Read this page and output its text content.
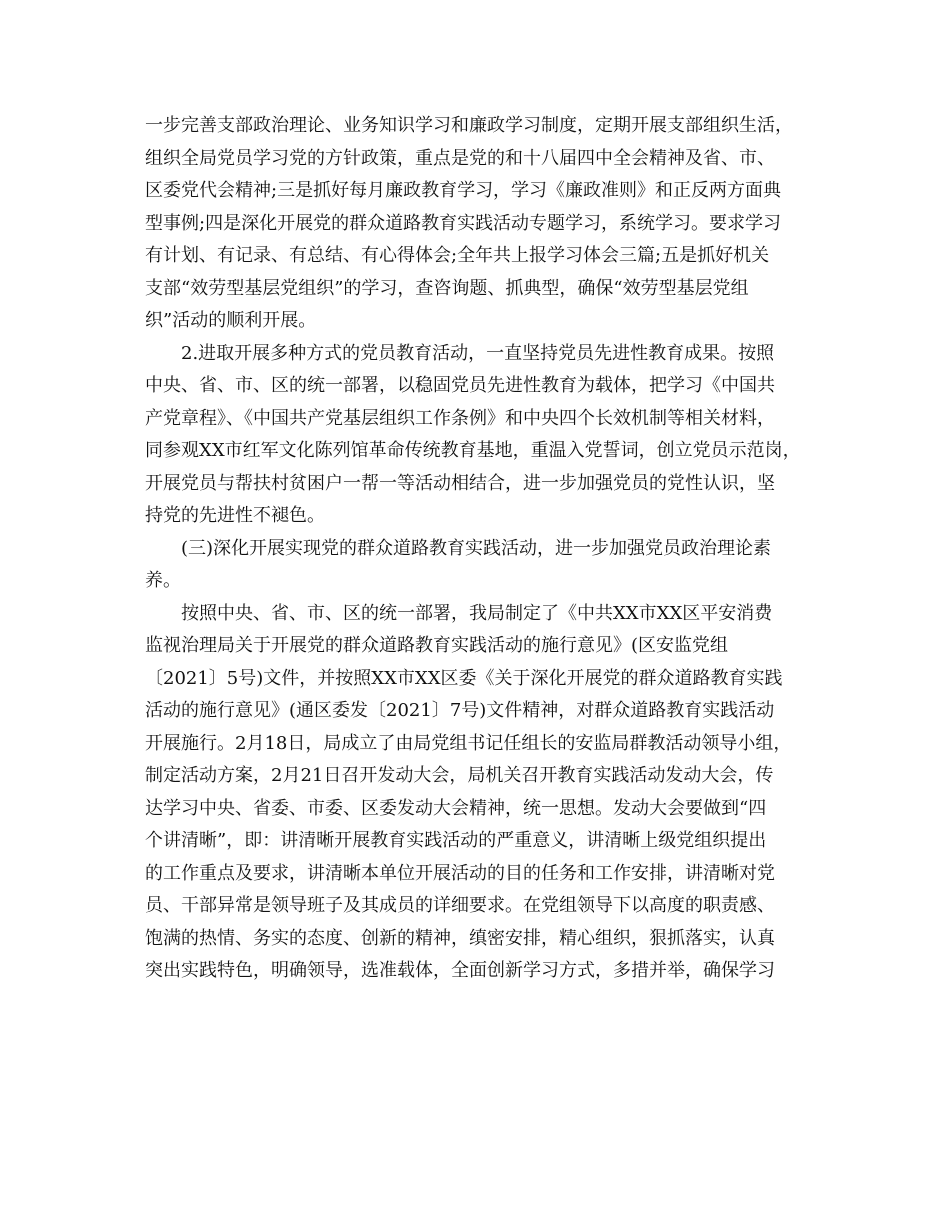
一步完善支部政治理论、业务知识学习和廉政学习制度，定期开展支部组织生活，
组织全局党员学习党的方针政策，重点是党的和十八届四中全会精神及省、市、
区委党代会精神;三是抓好每月廉政教育学习，学习《廉政准则》和正反两方面典
型事例;四是深化开展党的群众道路教育实践活动专题学习，系统学习。要求学习
有计划、有记录、有总结、有心得体会;全年共上报学习体会三篇;五是抓好机关
支部“效劳型基层党组织”的学习，查咨询题、抓典型，确保“效劳型基层党组
织”活动的顺利开展。
2.进取开展多种方式的党员教育活动，一直坚持党员先进性教育成果。按照
中央、省、市、区的统一部署，以稳固党员先进性教育为载体，把学习《中国共
产党章程》、《中国共产党基层组织工作条例》和中央四个长效机制等相关材料，
同参观XX市红军文化陈列馆革命传统教育基地，重温入党誓词，创立党员示范岗，
开展党员与帮扶村贫困户一帮一等活动相结合，进一步加强党员的党性认识，坚
持党的先进性不褪色。
(三)深化开展实现党的群众道路教育实践活动，进一步加强党员政治理论素
养。
按照中央、省、市、区的统一部署，我局制定了《中共XX市XX区平安消费
监视治理局关于开展党的群众道路教育实践活动的施行意见》(区安监党组
〔2021〕5号)文件，并按照XX市XX区委《关于深化开展党的群众道路教育实践
活动的施行意见》(通区委发〔2021〕7号)文件精神，对群众道路教育实践活动
开展施行。2月18日，局成立了由局党组书记任组长的安监局群教活动领导小组，
制定活动方案，2月21日召开发动大会，局机关召开教育实践活动发动大会，传
达学习中央、省委、市委、区委发动大会精神，统一思想。发动大会要做到“四
个讲清晰”，即：讲清晰开展教育实践活动的严重意义，讲清晰上级党组织提出
的工作重点及要求，讲清晰本单位开展活动的目的任务和工作安排，讲清晰对党
员、干部异常是领导班子及其成员的详细要求。在党组领导下以高度的职责感、
饱满的热情、务实的态度、创新的精神，缜密安排，精心组织，狠抓落实，认真
突出实践特色，明确领导，选准载体，全面创新学习方式，多措并举，确保学习
